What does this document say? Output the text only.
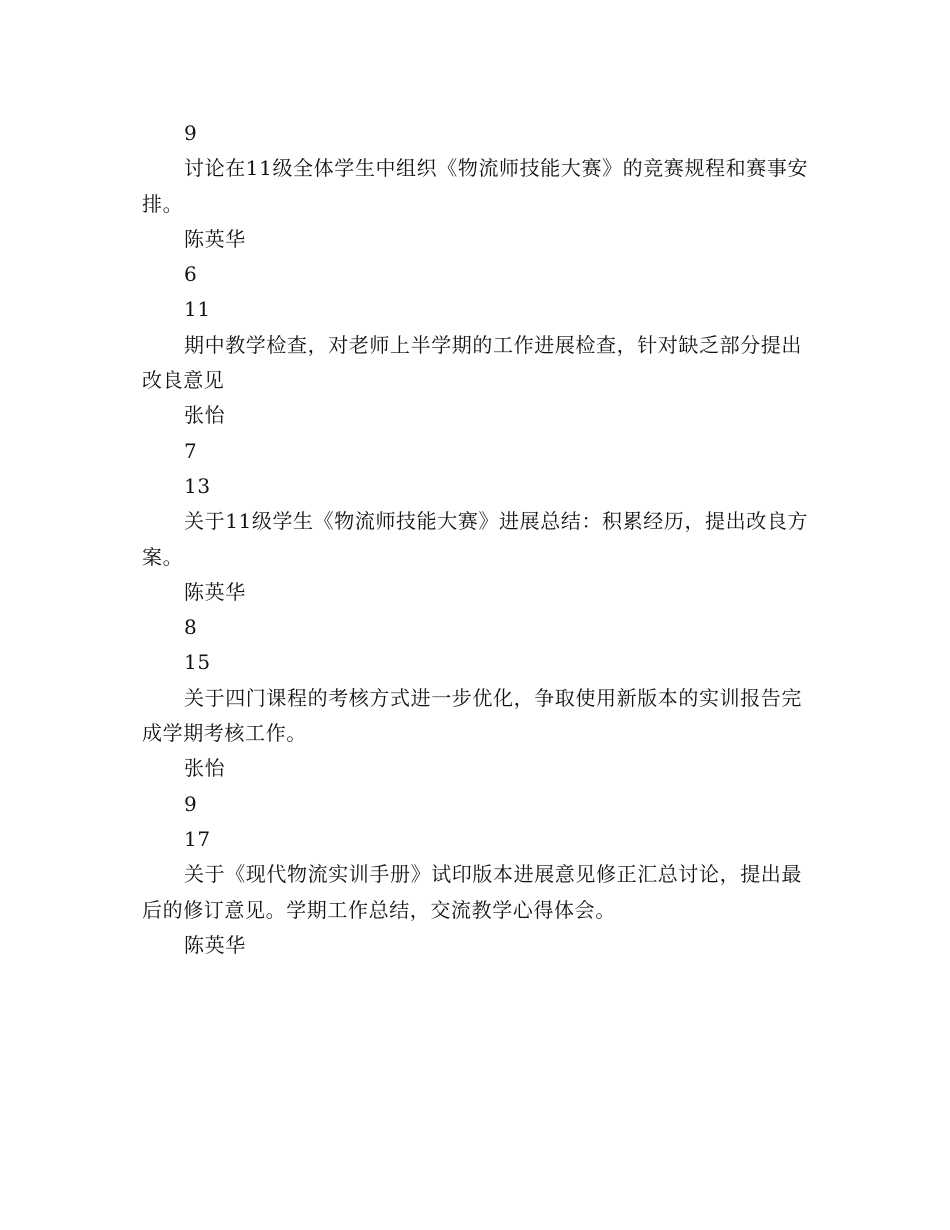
9

讨论在11级全体学生中组织《物流师技能大赛》的竞赛规程和赛事安排。

陈英华

6

11

期中教学检查，对老师上半学期的工作进展检查，针对缺乏部分提出改良意见

张怡

7

13

关于11级学生《物流师技能大赛》进展总结：积累经历，提出改良方案。

陈英华

8

15

关于四门课程的考核方式进一步优化，争取使用新版本的实训报告完成学期考核工作。

张怡

9

17

关于《现代物流实训手册》试印版本进展意见修正汇总讨论，提出最后的修订意见。学期工作总结，交流教学心得体会。

陈英华
